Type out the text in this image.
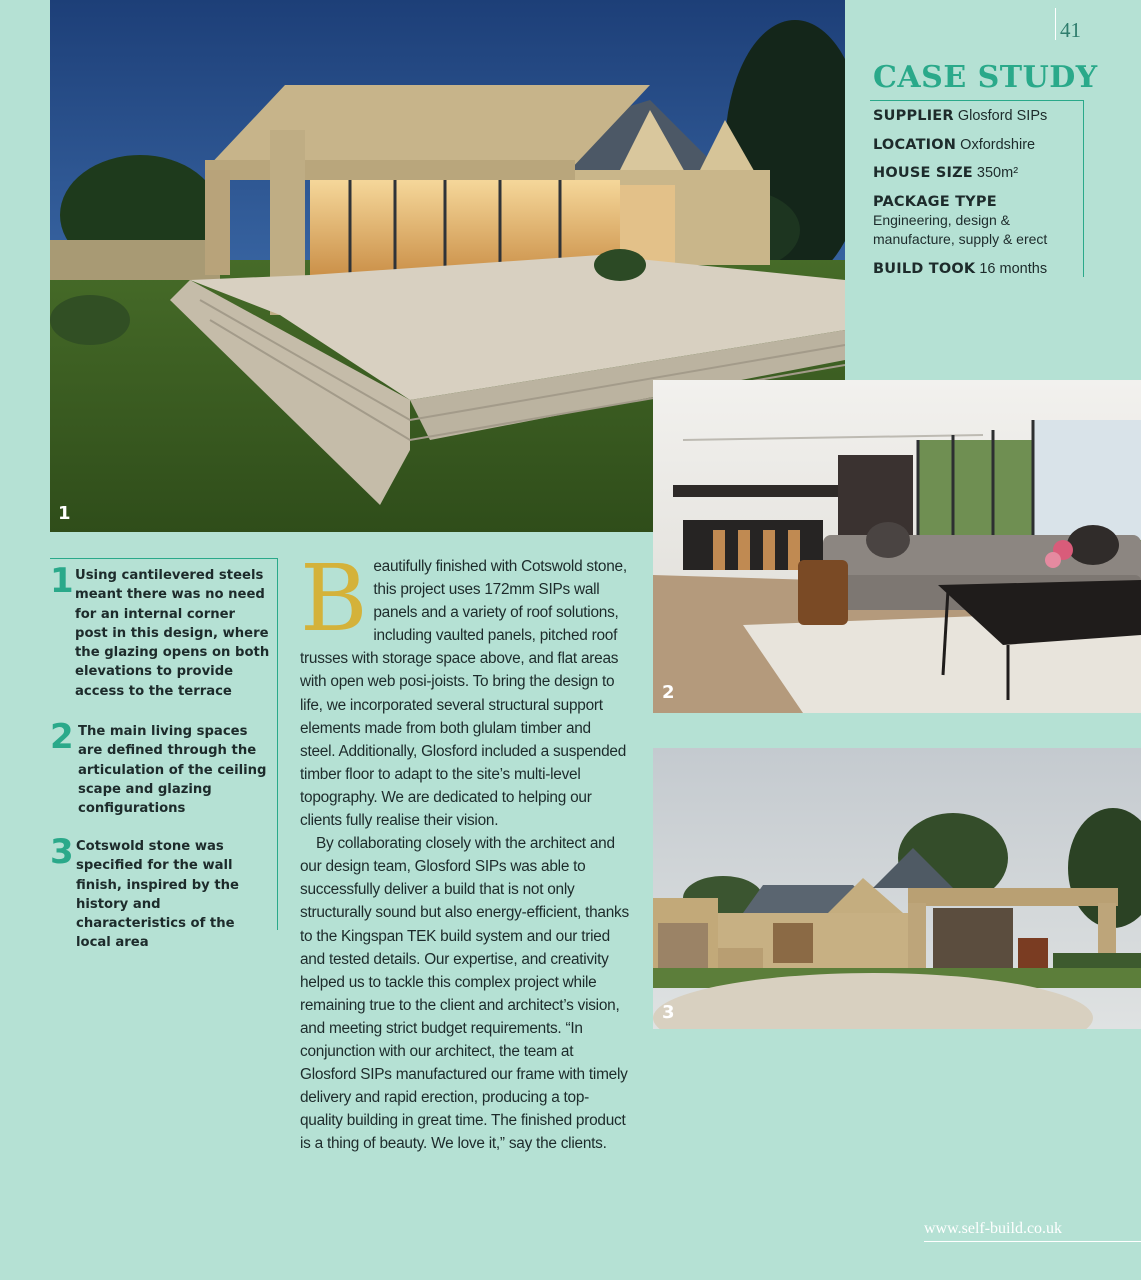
41
1
CASE STUDY
SUPPLIER Glosford SIPs
LOCATION Oxfordshire
HOUSE SIZE 350m²
PACKAGE TYPE
Engineering, design & manufacture, supply & erect
BUILD TOOK 16 months
2
3
1 Using cantilevered steels meant there was no need for an internal corner post in this design, where the glazing opens on both elevations to provide access to the terrace
2 The main living spaces are defined through the articulation of the ceiling scape and glazing configurations
3 Cotswold stone was specified for the wall finish, inspired by the history and characteristics of the local area

Beautifully finished with Cotswold stone, this project uses 172mm SIPs wall panels and a variety of roof solutions, including vaulted panels, pitched roof trusses with storage space above, and flat areas with open web posi-joists. To bring the design to life, we incorporated several structural support elements made from both glulam timber and steel. Additionally, Glosford included a suspended timber floor to adapt to the site’s multi-level topography. We are dedicated to helping our clients fully realise their vision.

By collaborating closely with the architect and our design team, Glosford SIPs was able to successfully deliver a build that is not only structurally sound but also energy-efficient, thanks to the Kingspan TEK build system and our tried and tested details. Our expertise, and creativity helped us to tackle this complex project while remaining true to the client and architect’s vision, and meeting strict budget requirements. “In conjunction with our architect, the team at Glosford SIPs manufactured our frame with timely delivery and rapid erection, producing a top-quality building in great time. The finished product is a thing of beauty. We love it,” say the clients.

www.self-build.co.uk
